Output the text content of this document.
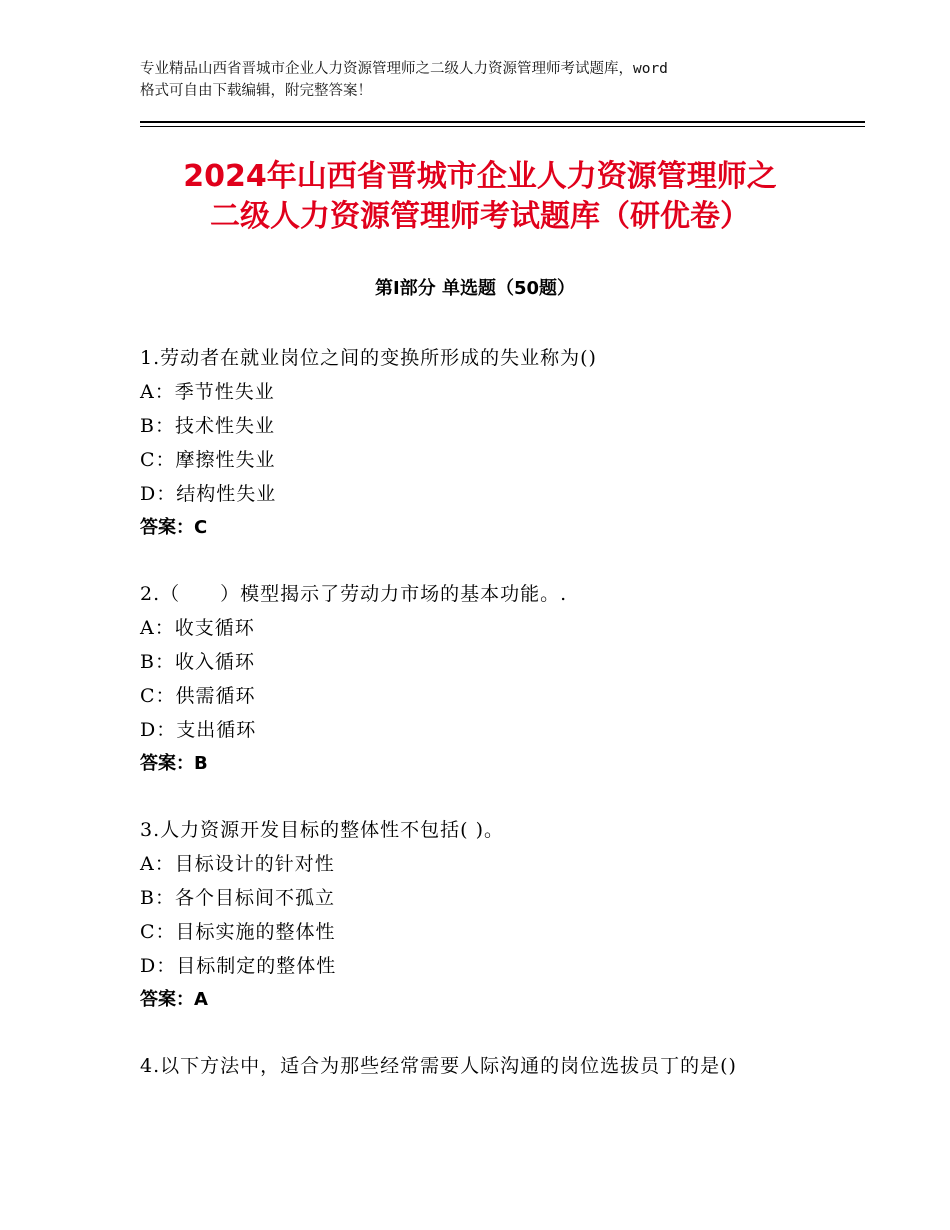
专业精品山西省晋城市企业人力资源管理师之二级人力资源管理师考试题库，word
格式可自由下载编辑，附完整答案！
2024年山西省晋城市企业人力资源管理师之
二级人力资源管理师考试题库（研优卷）
第Ⅰ部分 单选题（50题）
1.劳动者在就业岗位之间的变换所形成的失业称为()
A：季节性失业
B：技术性失业
C：摩擦性失业
D：结构性失业
答案：C
2.（　　）模型揭示了劳动力市场的基本功能。.
A：收支循环
B：收入循环
C：供需循环
D：支出循环
答案：B
3.人力资源开发目标的整体性不包括( )。
A：目标设计的针对性
B：各个目标间不孤立
C：目标实施的整体性
D：目标制定的整体性
答案：A
4.以下方法中，适合为那些经常需要人际沟通的岗位选拔员丁的是()
